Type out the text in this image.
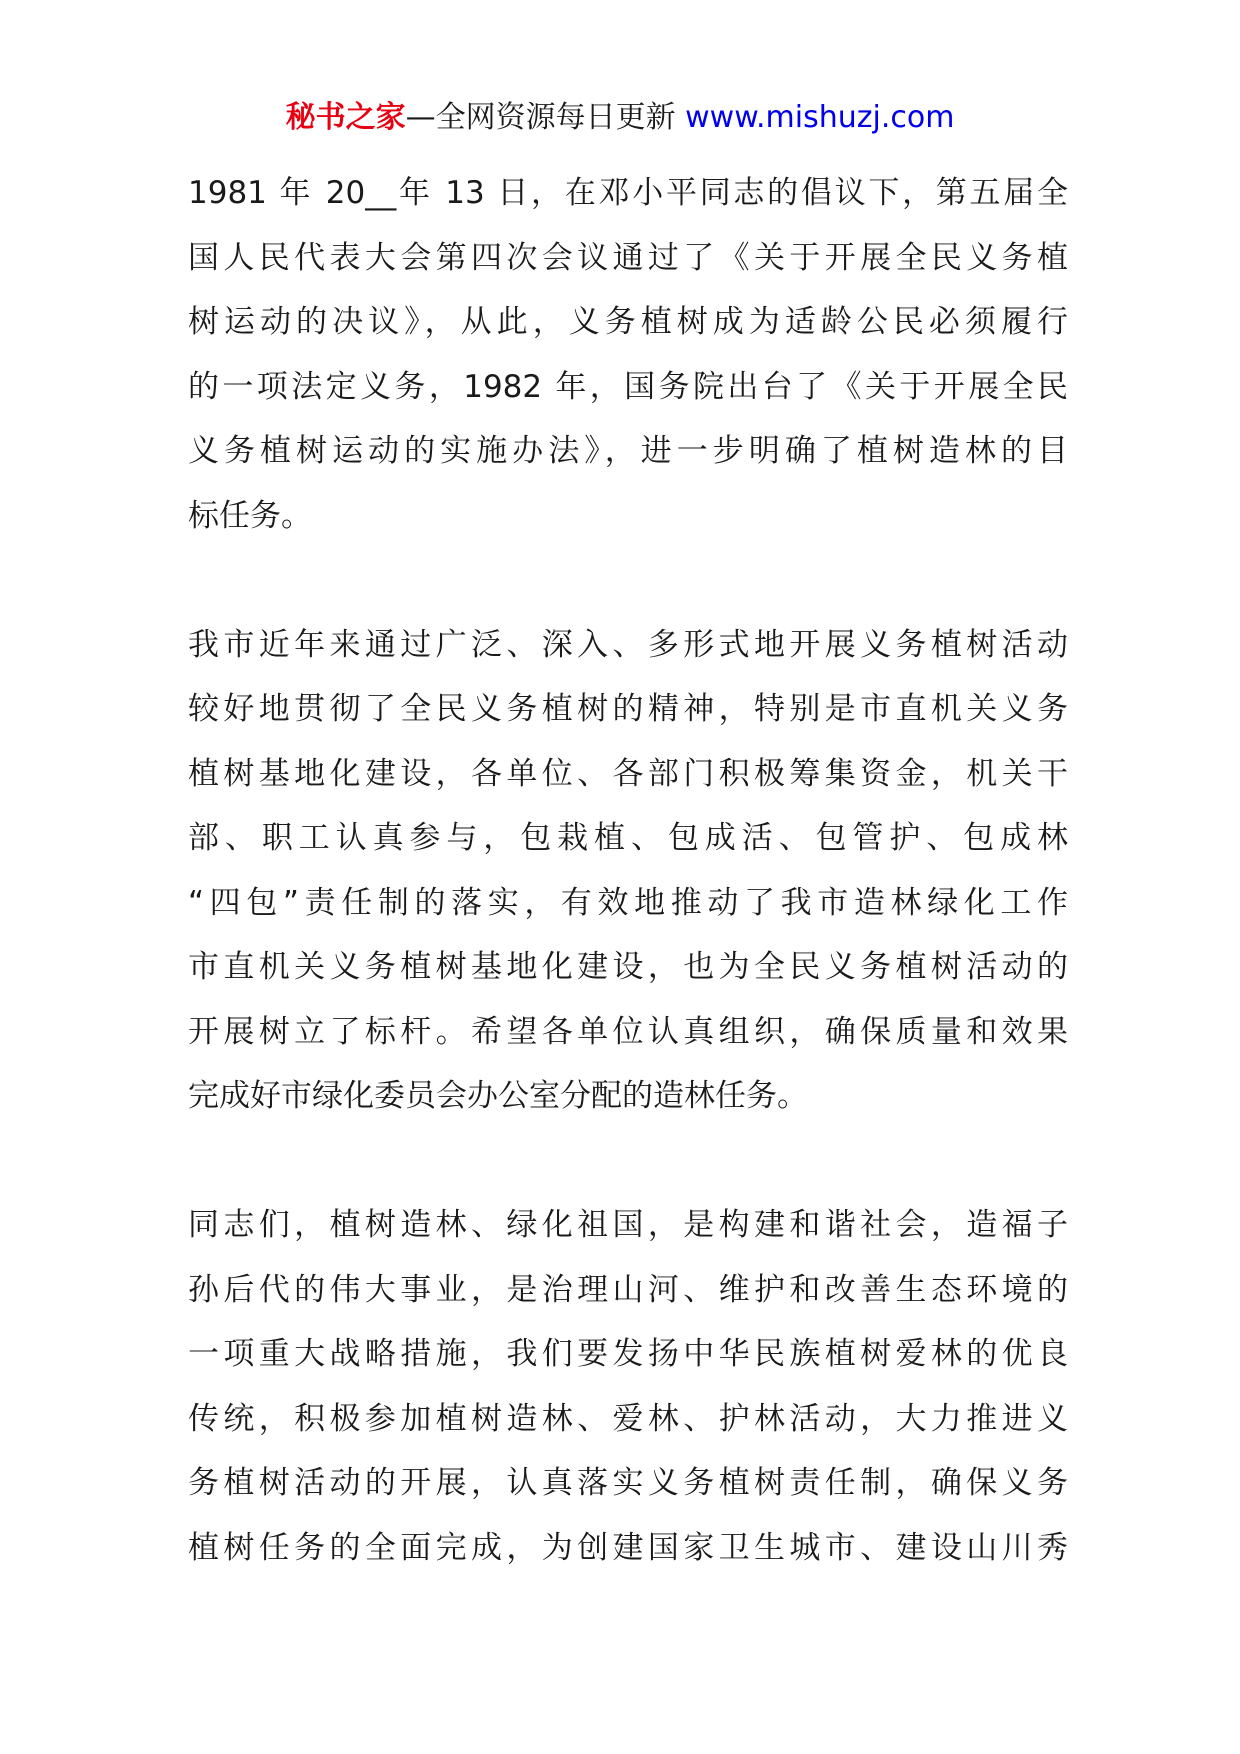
秘书之家—全网资源每日更新 www.mishuzj.com
1981 年 20__年 13 日，在邓小平同志的倡议下，第五届全
国人民代表大会第四次会议通过了《关于开展全民义务植
树运动的决议》，从此，义务植树成为适龄公民必须履行
的一项法定义务，1982 年，国务院出台了《关于开展全民
义务植树运动的实施办法》，进一步明确了植树造林的目
标任务。
我市近年来通过广泛、深入、多形式地开展义务植树活动
较好地贯彻了全民义务植树的精神，特别是市直机关义务
植树基地化建设，各单位、各部门积极筹集资金，机关干
部、职工认真参与，包栽植、包成活、包管护、包成林
“四包”责任制的落实，有效地推动了我市造林绿化工作
市直机关义务植树基地化建设，也为全民义务植树活动的
开展树立了标杆。希望各单位认真组织，确保质量和效果
完成好市绿化委员会办公室分配的造林任务。
同志们，植树造林、绿化祖国，是构建和谐社会，造福子
孙后代的伟大事业，是治理山河、维护和改善生态环境的
一项重大战略措施，我们要发扬中华民族植树爱林的优良
传统，积极参加植树造林、爱林、护林活动，大力推进义
务植树活动的开展，认真落实义务植树责任制，确保义务
植树任务的全面完成，为创建国家卫生城市、建设山川秀
